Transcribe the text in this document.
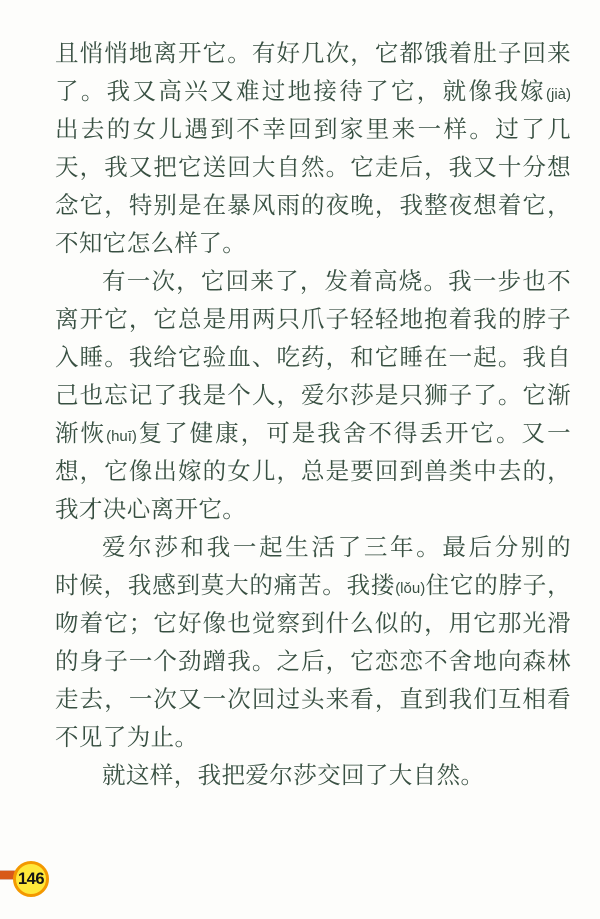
且悄悄地离开它。有好几次，它都饿着肚子回来
了。我又高兴又难过地接待了它，就像我嫁(jià)
出去的女儿遇到不幸回到家里来一样。过了几
天，我又把它送回大自然。它走后，我又十分想
念它，特别是在暴风雨的夜晚，我整夜想着它，
不知它怎么样了。
有一次，它回来了，发着高烧。我一步也不
离开它，它总是用两只爪子轻轻地抱着我的脖子
入睡。我给它验血、吃药，和它睡在一起。我自
己也忘记了我是个人，爱尔莎是只狮子了。它渐
渐恢(huī)复了健康，可是我舍不得丢开它。又一
想，它像出嫁的女儿，总是要回到兽类中去的，
我才决心离开它。
爱尔莎和我一起生活了三年。最后分别的
时候，我感到莫大的痛苦。我搂(lǒu)住它的脖子，
吻着它；它好像也觉察到什么似的，用它那光滑
的身子一个劲蹭我。之后，它恋恋不舍地向森林
走去，一次又一次回过头来看，直到我们互相看
不见了为止。
就这样，我把爱尔莎交回了大自然。
146
